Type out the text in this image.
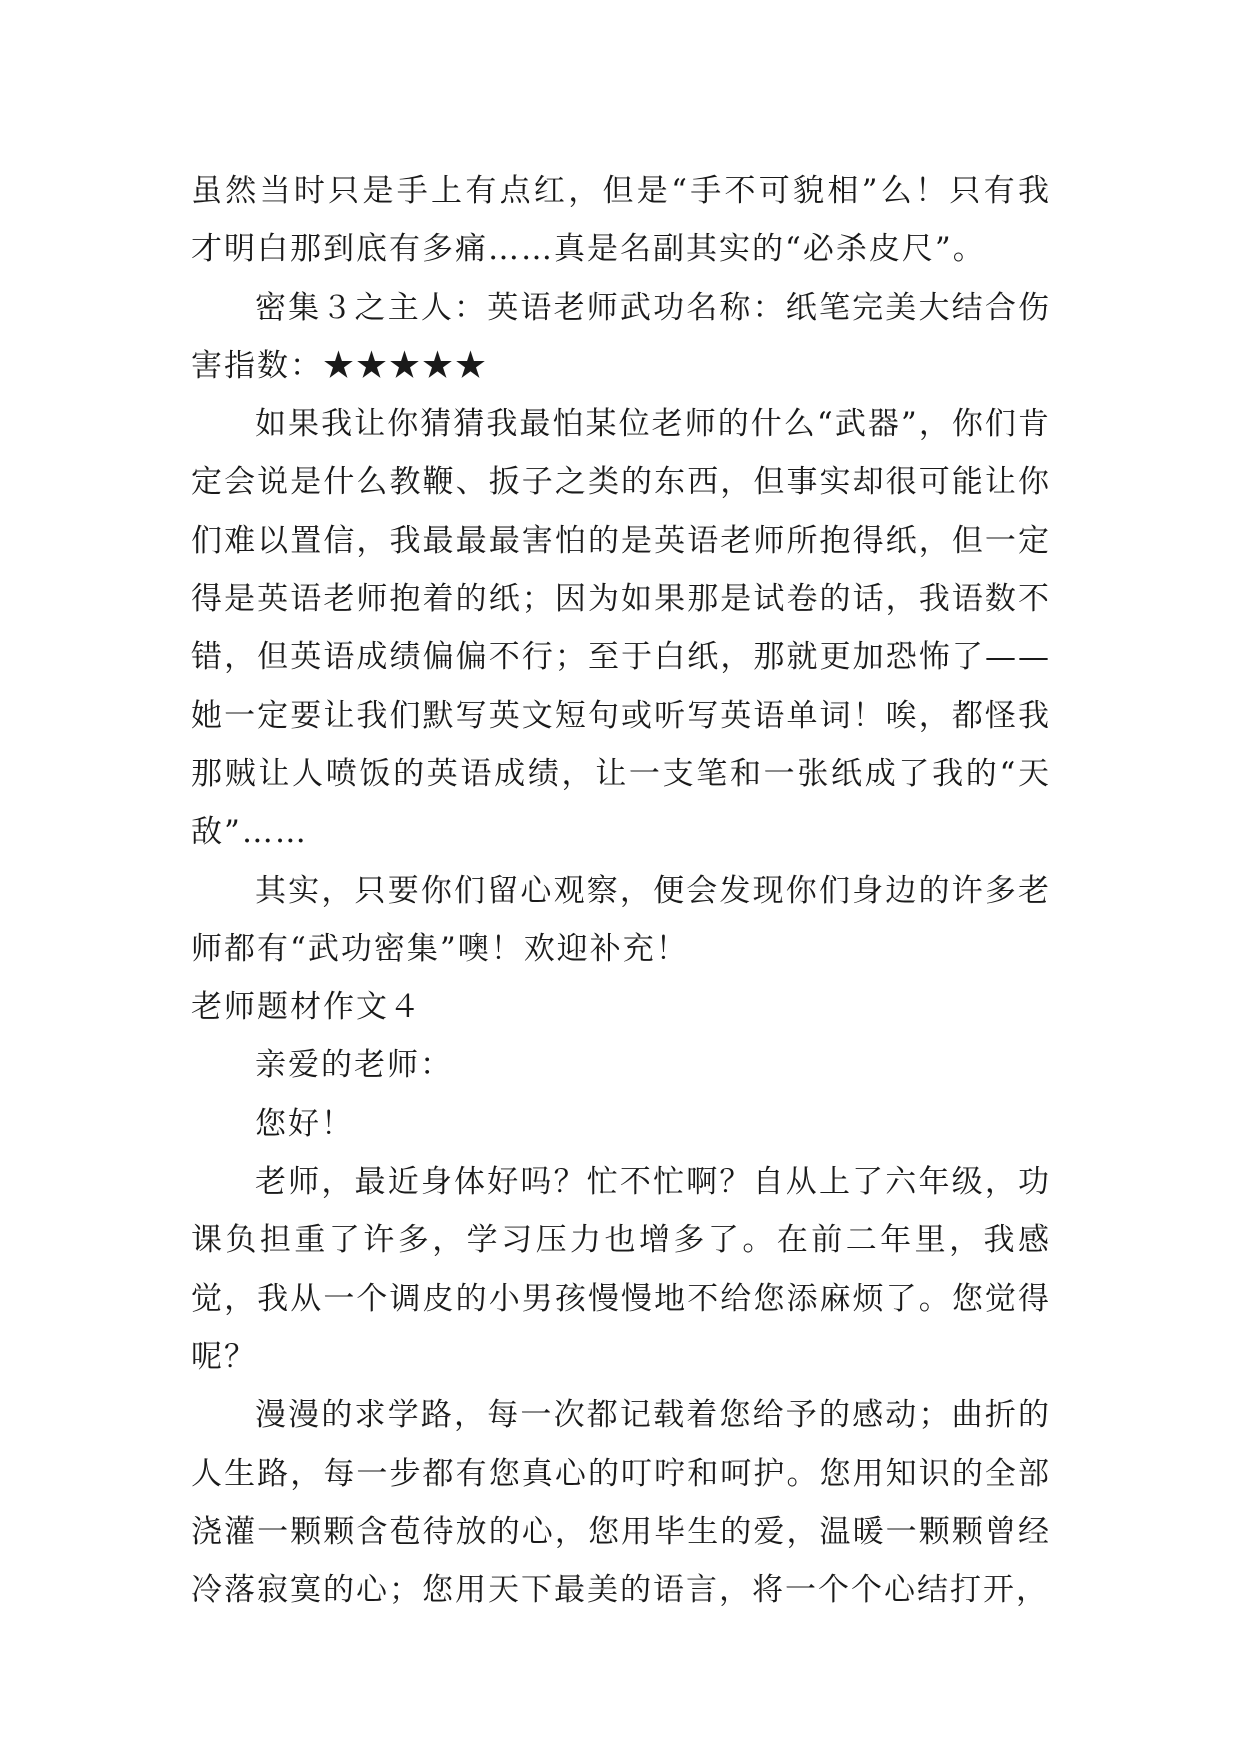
虽然当时只是手上有点红，但是“手不可貌相”么！只有我才明白那到底有多痛……真是名副其实的“必杀皮尺”。

密集３之主人：英语老师武功名称：纸笔完美大结合伤害指数：★★★★★

如果我让你猜猜我最怕某位老师的什么“武器”，你们肯定会说是什么教鞭、扳子之类的东西，但事实却很可能让你们难以置信，我最最最害怕的是英语老师所抱得纸，但一定得是英语老师抱着的纸；因为如果那是试卷的话，我语数不错，但英语成绩偏偏不行；至于白纸，那就更加恐怖了——她一定要让我们默写英文短句或听写英语单词！唉，都怪我那贼让人喷饭的英语成绩，让一支笔和一张纸成了我的“天敌”……

其实，只要你们留心观察，便会发现你们身边的许多老师都有“武功密集”噢！欢迎补充！

老师题材作文４

亲爱的老师：

您好！

老师，最近身体好吗？忙不忙啊？自从上了六年级，功课负担重了许多，学习压力也增多了。在前二年里，我感觉，我从一个调皮的小男孩慢慢地不给您添麻烦了。您觉得呢？

漫漫的求学路，每一次都记载着您给予的感动；曲折的人生路，每一步都有您真心的叮咛和呵护。您用知识的全部浇灌一颗颗含苞待放的心，您用毕生的爱，温暖一颗颗曾经冷落寂寞的心；您用天下最美的语言，将一个个心结打开，
